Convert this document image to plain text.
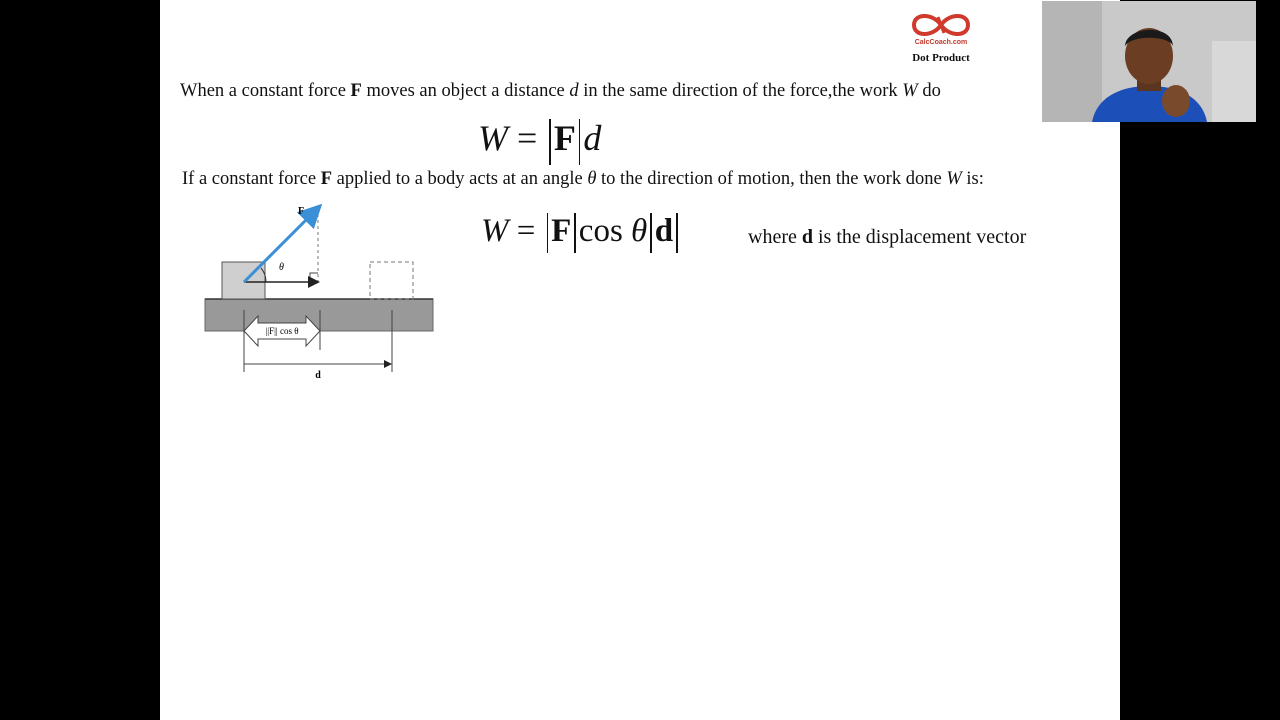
CalcCoach.com
Dot Product
When a constant force F moves an object a distance d in the same direction of the force,the work W do
W = F d
If a constant force F applied to a body acts at an angle θ to the direction of motion, then the work done W is:
W = F cos θ d	where d is the displacement vector
F
θ
||F|| cos θ
d
